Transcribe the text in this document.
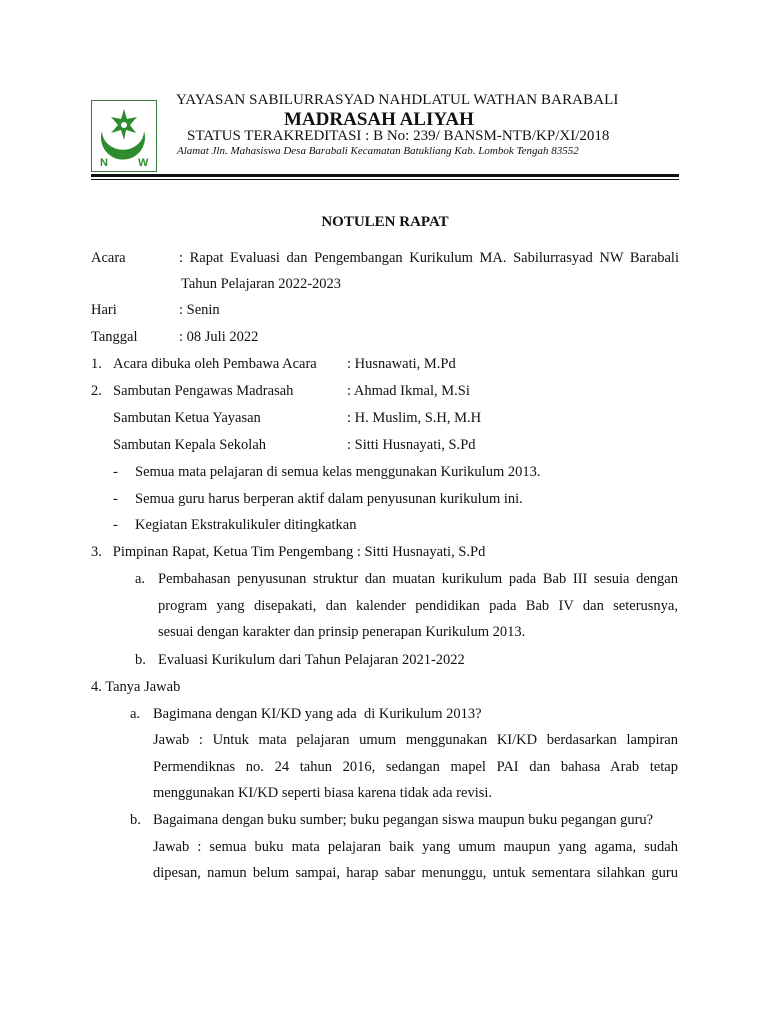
NW
YAYASAN SABILURRASYAD NAHDLATUL WATHAN BARABALI
MADRASAH ALIYAH
STATUS TERAKREDITASI : B No: 239/ BANSM-NTB/KP/XI/2018
Alamat Jln. Mahasiswa Desa Barabali Kecamatan Batukliang Kab. Lombok Tengah 83552
NOTULEN RAPAT
Acara	: Rapat Evaluasi dan Pengembangan Kurikulum MA. Sabilurrasyad NW Barabali
Tahun Pelajaran 2022-2023
Hari	: Senin
Tanggal	: 08 Juli 2022
1. Acara dibuka oleh Pembawa Acara : Husnawati, M.Pd
2. Sambutan Pengawas Madrasah	: Ahmad Ikmal, M.Si
Sambutan Ketua Yayasan	: H. Muslim, S.H, M.H
Sambutan Kepala Sekolah	: Sitti Husnayati, S.Pd
- Semua mata pelajaran di semua kelas menggunakan Kurikulum 2013.
- Semua guru harus berperan aktif dalam penyusunan kurikulum ini.
- Kegiatan Ekstrakulikuler ditingkatkan
3.   Pimpinan Rapat, Ketua Tim Pengembang : Sitti Husnayati, S.Pd
a. Pembahasan penyusunan struktur dan muatan kurikulum pada Bab III sesuia dengan
program yang disepakati, dan kalender pendidikan pada Bab IV dan seterusnya,
sesuai dengan karakter dan prinsip penerapan Kurikulum 2013.
b. Evaluasi Kurikulum dari Tahun Pelajaran 2021-2022
4. Tanya Jawab
a. Bagimana dengan KI/KD yang ada  di Kurikulum 2013?
Jawab : Untuk mata pelajaran umum menggunakan KI/KD berdasarkan lampiran
Permendiknas no. 24 tahun 2016, sedangan mapel PAI dan bahasa Arab tetap
menggunakan KI/KD seperti biasa karena tidak ada revisi.
b. Bagaimana dengan buku sumber; buku pegangan siswa maupun buku pegangan guru?
Jawab : semua buku mata pelajaran baik yang umum maupun yang agama, sudah
dipesan, namun belum sampai, harap sabar menunggu, untuk sementara silahkan guru
